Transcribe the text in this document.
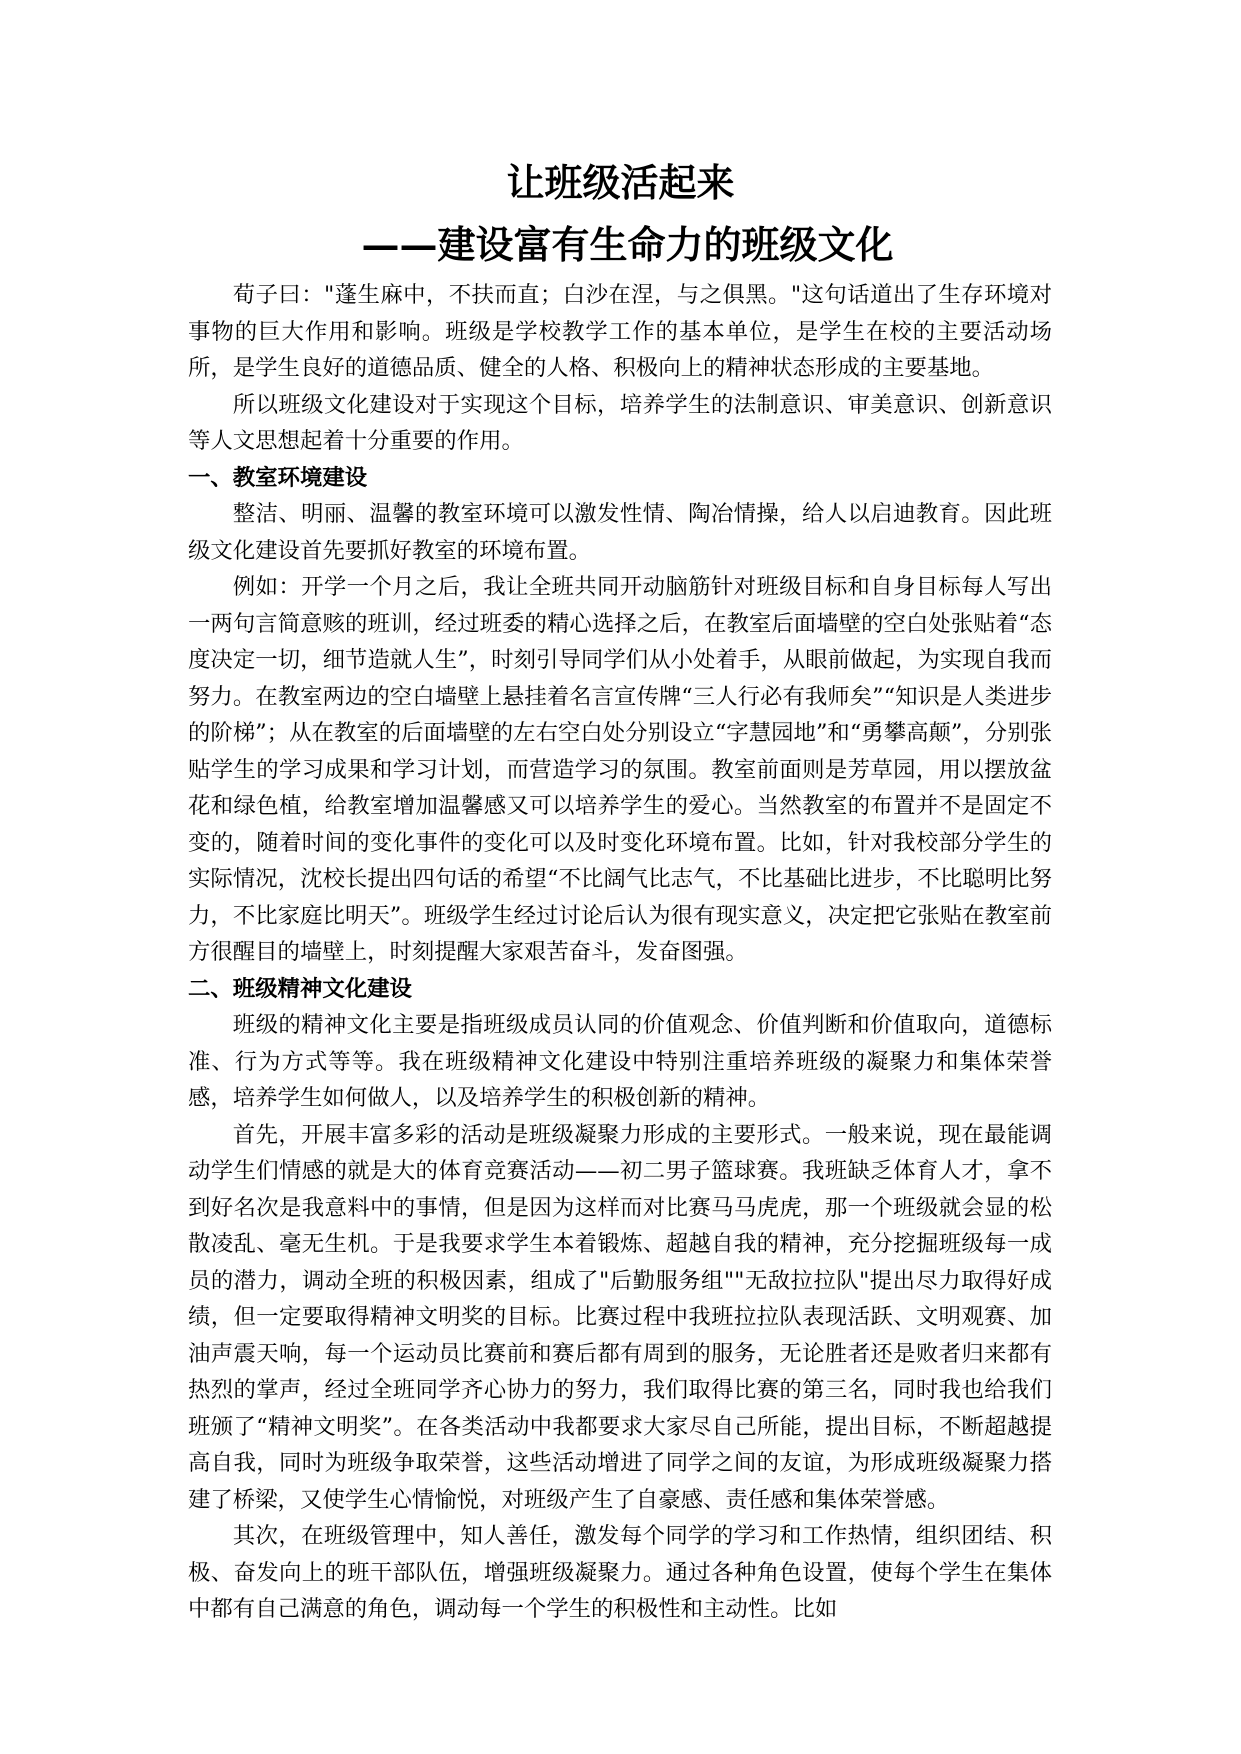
让班级活起来
——建设富有生命力的班级文化

荀子曰："蓬生麻中，不扶而直；白沙在涅，与之俱黑。"这句话道出了生存环境对事物的巨大作用和影响。班级是学校教学工作的基本单位，是学生在校的主要活动场所，是学生良好的道德品质、健全的人格、积极向上的精神状态形成的主要基地。

所以班级文化建设对于实现这个目标，培养学生的法制意识、审美意识、创新意识等人文思想起着十分重要的作用。

一、教室环境建设

整洁、明丽、温馨的教室环境可以激发性情、陶冶情操，给人以启迪教育。因此班级文化建设首先要抓好教室的环境布置。

例如：开学一个月之后，我让全班共同开动脑筋针对班级目标和自身目标每人写出一两句言简意赅的班训，经过班委的精心选择之后，在教室后面墙壁的空白处张贴着“态度决定一切，细节造就人生”，时刻引导同学们从小处着手，从眼前做起，为实现自我而努力。在教室两边的空白墙壁上悬挂着名言宣传牌“三人行必有我师矣”“知识是人类进步的阶梯”；从在教室的后面墙壁的左右空白处分别设立“字慧园地”和“勇攀高颠”，分别张贴学生的学习成果和学习计划，而营造学习的氛围。教室前面则是芳草园，用以摆放盆花和绿色植，给教室增加温馨感又可以培养学生的爱心。当然教室的布置并不是固定不变的，随着时间的变化事件的变化可以及时变化环境布置。比如，针对我校部分学生的实际情况，沈校长提出四句话的希望“不比阔气比志气，不比基础比进步，不比聪明比努力，不比家庭比明天”。班级学生经过讨论后认为很有现实意义，决定把它张贴在教室前方很醒目的墙壁上，时刻提醒大家艰苦奋斗，发奋图强。

二、班级精神文化建设

班级的精神文化主要是指班级成员认同的价值观念、价值判断和价值取向，道德标准、行为方式等等。我在班级精神文化建设中特别注重培养班级的凝聚力和集体荣誉感，培养学生如何做人，以及培养学生的积极创新的精神。

首先，开展丰富多彩的活动是班级凝聚力形成的主要形式。一般来说，现在最能调动学生们情感的就是大的体育竞赛活动——初二男子篮球赛。我班缺乏体育人才，拿不到好名次是我意料中的事情，但是因为这样而对比赛马马虎虎，那一个班级就会显的松散凌乱、毫无生机。于是我要求学生本着锻炼、超越自我的精神，充分挖掘班级每一成员的潜力，调动全班的积极因素，组成了"后勤服务组""无敌拉拉队"提出尽力取得好成绩，但一定要取得精神文明奖的目标。比赛过程中我班拉拉队表现活跃、文明观赛、加油声震天响，每一个运动员比赛前和赛后都有周到的服务，无论胜者还是败者归来都有热烈的掌声，经过全班同学齐心协力的努力，我们取得比赛的第三名，同时我也给我们班颁了“精神文明奖”。在各类活动中我都要求大家尽自己所能，提出目标，不断超越提高自我，同时为班级争取荣誉，这些活动增进了同学之间的友谊，为形成班级凝聚力搭建了桥梁，又使学生心情愉悦，对班级产生了自豪感、责任感和集体荣誉感。

其次，在班级管理中，知人善任，激发每个同学的学习和工作热情，组织团结、积极、奋发向上的班干部队伍，增强班级凝聚力。通过各种角色设置，使每个学生在集体中都有自己满意的角色，调动每一个学生的积极性和主动性。比如
